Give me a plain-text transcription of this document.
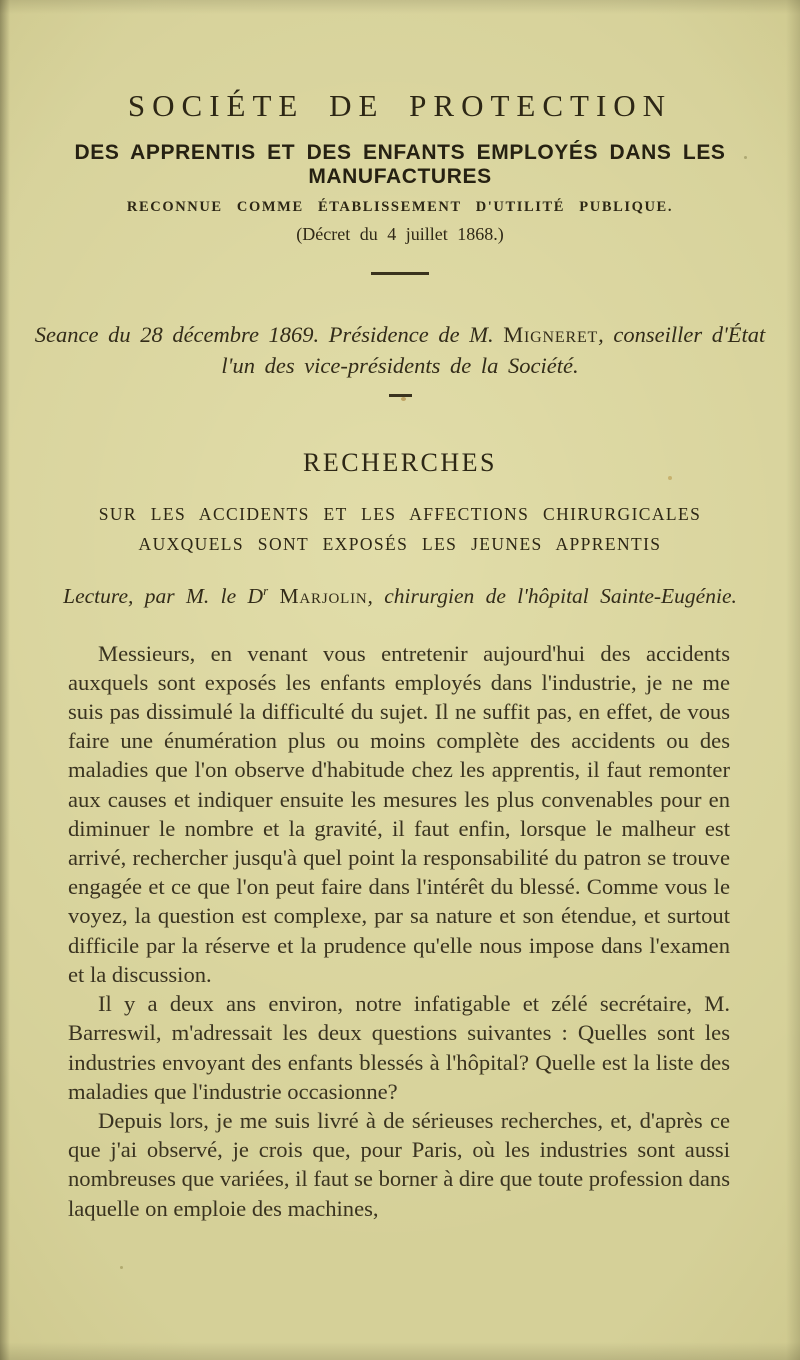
SOCIÉTE DE PROTECTION
DES APPRENTIS ET DES ENFANTS EMPLOYÉS DANS LES MANUFACTURES
RECONNUE COMME ÉTABLISSEMENT D'UTILITÉ PUBLIQUE.
(Décret du 4 juillet 1868.)
Seance du 28 décembre 1869. Présidence de M. Migneret, conseiller d'État
l'un des vice-présidents de la Société.
RECHERCHES
SUR LES ACCIDENTS ET LES AFFECTIONS CHIRURGICALES
AUXQUELS SONT EXPOSÉS LES JEUNES APPRENTIS
Lecture, par M. le $D^r$ Marjolin, chirurgien de l'hôpital Sainte-Eugénie.

Messieurs, en venant vous entretenir aujourd'hui des accidents auxquels sont exposés les enfants employés dans l'industrie, je ne me suis pas dissimulé la difficulté du sujet. Il ne suffit pas, en effet, de vous faire une énumération plus ou moins complète des accidents ou des maladies que l'on observe d'habitude chez les apprentis, il faut remonter aux causes et indiquer ensuite les mesures les plus convenables pour en diminuer le nombre et la gravité, il faut enfin, lorsque le malheur est arrivé, rechercher jusqu'à quel point la responsabilité du patron se trouve engagée et ce que l'on peut faire dans l'intérêt du blessé. Comme vous le voyez, la question est complexe, par sa nature et son étendue, et surtout difficile par la réserve et la prudence qu'elle nous impose dans l'examen et la discussion.

Il y a deux ans environ, notre infatigable et zélé secrétaire, M. Barreswil, m'adressait les deux questions suivantes : Quelles sont les industries envoyant des enfants blessés à l'hôpital? Quelle est la liste des maladies que l'industrie occasionne?

Depuis lors, je me suis livré à de sérieuses recherches, et, d'après ce que j'ai observé, je crois que, pour Paris, où les industries sont aussi nombreuses que variées, il faut se borner à dire que toute profession dans laquelle on emploie des machines,
